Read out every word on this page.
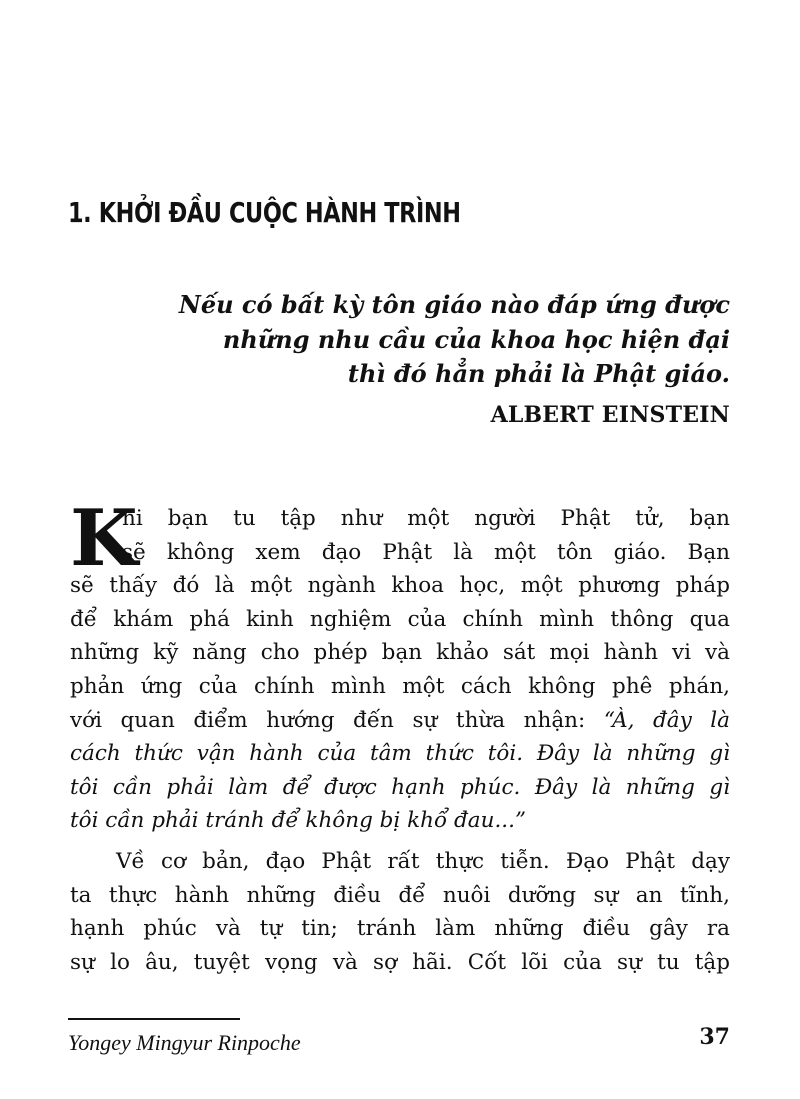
1. KHỞI ĐẦU CUỘC HÀNH TRÌNH
Nếu có bất kỳ tôn giáo nào đáp ứng được
những nhu cầu của khoa học hiện đại
thì đó hẳn phải là Phật giáo.
ALBERT EINSTEIN
K
hi bạn tu tập như một người Phật tử, bạn
sẽ không xem đạo Phật là một tôn giáo. Bạn
sẽ thấy đó là một ngành khoa học, một phương pháp
để khám phá kinh nghiệm của chính mình thông qua
những kỹ năng cho phép bạn khảo sát mọi hành vi và
phản ứng của chính mình một cách không phê phán,
với quan điểm hướng đến sự thừa nhận: “À, đây là
cách thức vận hành của tâm thức tôi. Đây là những gì
tôi cần phải làm để được hạnh phúc. Đây là những gì
tôi cần phải tránh để không bị khổ đau...”
Về cơ bản, đạo Phật rất thực tiễn. Đạo Phật dạy
ta thực hành những điều để nuôi dưỡng sự an tĩnh,
hạnh phúc và tự tin; tránh làm những điều gây ra
sự lo âu, tuyệt vọng và sợ hãi. Cốt lõi của sự tu tập
Yongey Mingyur Rinpoche	37
